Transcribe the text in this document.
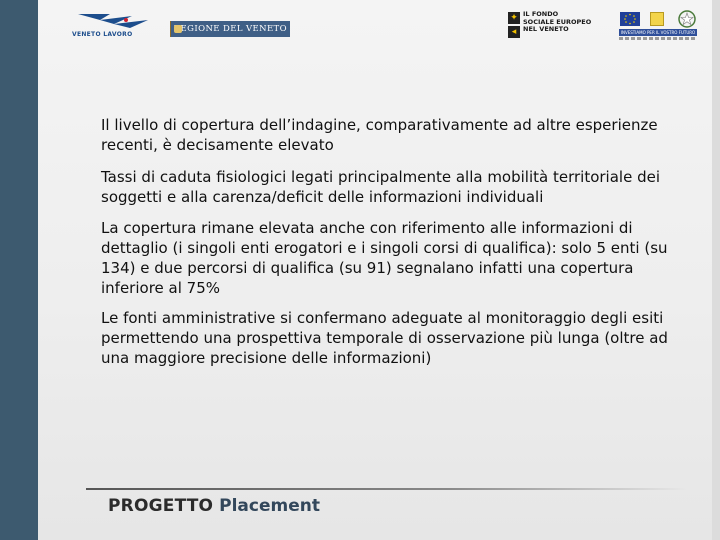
VENETO LAVORO
REGIONE DEL VENETO
✦
◂
IL FONDO
SOCIALE EUROPEO
NEL VENETO	INVESTIAMO PER IL VOSTRO FUTURO

Il livello di copertura dell’indagine, comparativamente ad altre esperienze recenti, è decisamente elevato

Tassi di caduta fisiologici legati principalmente alla mobilità territoriale dei soggetti e alla carenza/deficit delle informazioni individuali

La copertura rimane elevata anche con riferimento alle informazioni di dettaglio (i singoli enti erogatori e i singoli corsi di qualifica): solo 5 enti (su 134) e due percorsi di qualifica (su 91) segnalano infatti una copertura inferiore al 75%

Le fonti amministrative si confermano adeguate al monitoraggio degli esiti permettendo una prospettiva temporale di osservazione più lunga (oltre ad una maggiore precisione delle informazioni)

PROGETTO Placement
